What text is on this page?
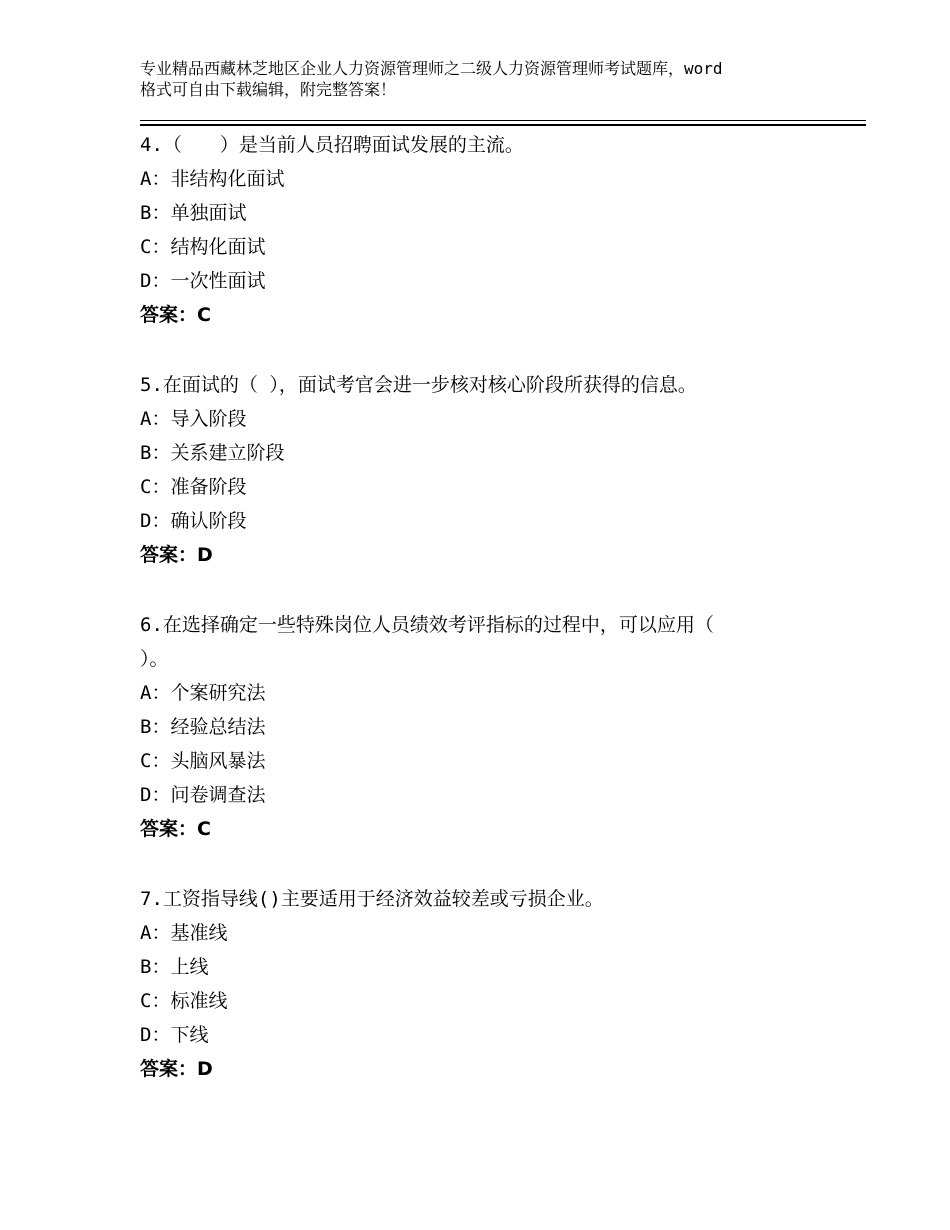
专业精品西藏林芝地区企业人力资源管理师之二级人力资源管理师考试题库，word
格式可自由下载编辑，附完整答案！
4.（　　）是当前人员招聘面试发展的主流。
A：非结构化面试
B：单独面试
C：结构化面试
D：一次性面试
答案：C
5.在面试的（ ），面试考官会进一步核对核心阶段所获得的信息。
A：导入阶段
B：关系建立阶段
C：准备阶段
D：确认阶段
答案：D
6.在选择确定一些特殊岗位人员绩效考评指标的过程中，可以应用（
）。
A：个案研究法
B：经验总结法
C：头脑风暴法
D：问卷调查法
答案：C
7.工资指导线()主要适用于经济效益较差或亏损企业。
A：基准线
B：上线
C：标准线
D：下线
答案：D
